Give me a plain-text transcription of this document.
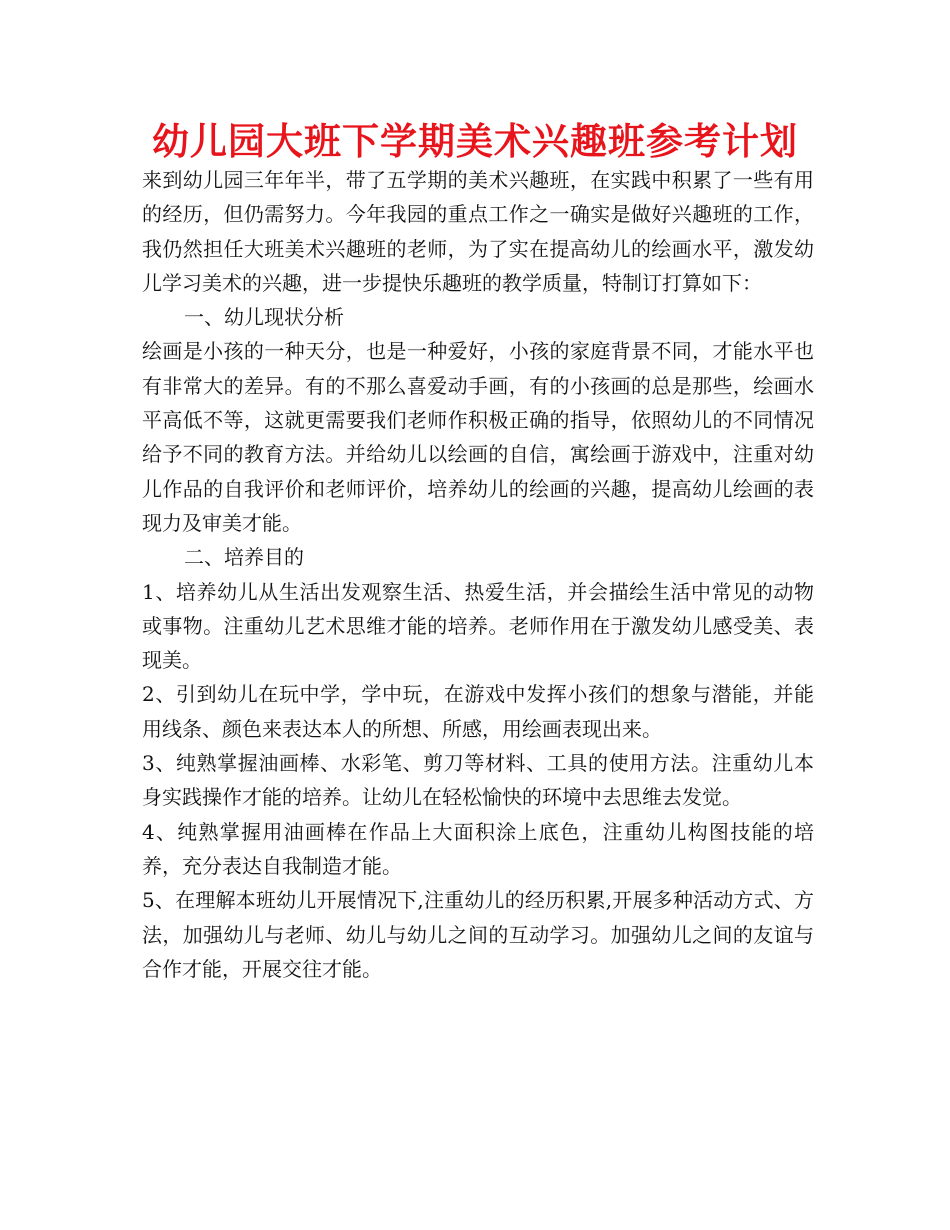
幼儿园大班下学期美术兴趣班参考计划

来到幼儿园三年年半，带了五学期的美术兴趣班，在实践中积累了一些有用的经历，但仍需努力。今年我园的重点工作之一确实是做好兴趣班的工作，我仍然担任大班美术兴趣班的老师，为了实在提高幼儿的绘画水平，激发幼儿学习美术的兴趣，进一步提快乐趣班的教学质量，特制订打算如下：

一、幼儿现状分析

绘画是小孩的一种天分，也是一种爱好，小孩的家庭背景不同，才能水平也有非常大的差异。有的不那么喜爱动手画，有的小孩画的总是那些，绘画水平高低不等，这就更需要我们老师作积极正确的指导，依照幼儿的不同情况给予不同的教育方法。并给幼儿以绘画的自信，寓绘画于游戏中，注重对幼儿作品的自我评价和老师评价，培养幼儿的绘画的兴趣，提高幼儿绘画的表现力及审美才能。

二、培养目的

1、培养幼儿从生活出发观察生活、热爱生活，并会描绘生活中常见的动物或事物。注重幼儿艺术思维才能的培养。老师作用在于激发幼儿感受美、表现美。

2、引到幼儿在玩中学，学中玩，在游戏中发挥小孩们的想象与潜能，并能用线条、颜色来表达本人的所想、所感，用绘画表现出来。

3、纯熟掌握油画棒、水彩笔、剪刀等材料、工具的使用方法。注重幼儿本身实践操作才能的培养。让幼儿在轻松愉快的环境中去思维去发觉。

4、纯熟掌握用油画棒在作品上大面积涂上底色，注重幼儿构图技能的培养，充分表达自我制造才能。

5、在理解本班幼儿开展情况下,注重幼儿的经历积累,开展多种活动方式、方法，加强幼儿与老师、幼儿与幼儿之间的互动学习。加强幼儿之间的友谊与合作才能，开展交往才能。
